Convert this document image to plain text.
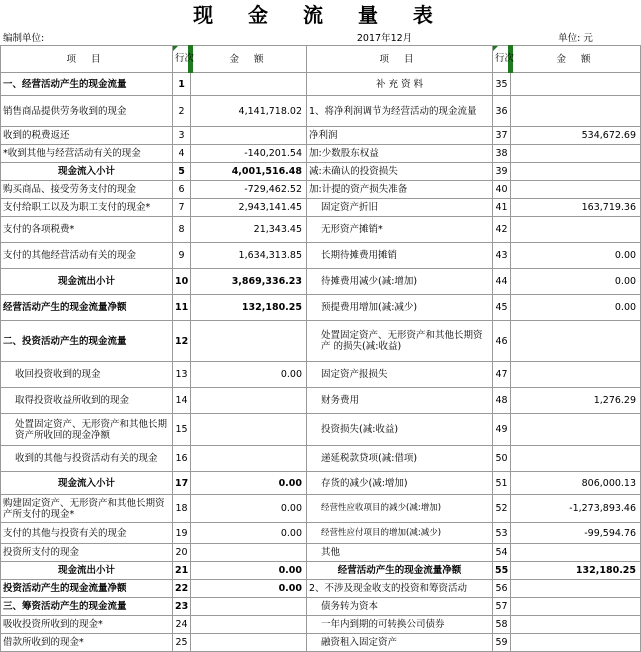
现 金 流 量 表
编制单位:		2017年12月			单位: 元
项 目	行次	金 额	项 目	行次	金 额
一、经营活动产生的现金流量	1		补 充 资 料	35	
销售商品提供劳务收到的现金	2	4,141,718.02	1、将净利润调节为经营活动的现金流量	36	
收到的税费返还	3		净利润	37	534,672.69
*收到其他与经营活动有关的现金	4	-140,201.54	加:少数股东权益	38	
现金流入小计	5	4,001,516.48	减:未确认的投资损失	39	
购买商品、接受劳务支付的现金	6	-729,462.52	加:计提的资产损失准备	40	
支付给职工以及为职工支付的现金*	7	2,943,141.45	固定资产折旧	41	163,719.36
支付的各项税费*	8	21,343.45	无形资产摊销*	42	
支付的其他经营活动有关的现金	9	1,634,313.85	长期待摊费用摊销	43	0.00
现金流出小计	10	3,869,336.23	待摊费用减少(减:增加)	44	0.00
经营活动产生的现金流量净额	11	132,180.25	预提费用增加(减:减少)	45	0.00
二、投资活动产生的现金流量	12		处置固定资产、无形资产和其他长期资产 的损失(减:收益)	46	
收回投资收到的现金	13	0.00	固定资产报损失	47	
取得投资收益所收到的现金	14		财务费用	48	1,276.29
处置固定资产、无形资产和其他长期资产所收回的现金净额	15		投资损失(减:收益)	49	
收到的其他与投资活动有关的现金	16		递延税款贷项(减:借项)	50	
现金流入小计	17	0.00	存货的减少(减:增加)	51	806,000.13
购建固定资产、无形资产和其他长期资产所支付的现金*	18	0.00	经营性应收项目的减少(减:增加)	52	-1,273,893.46
支付的其他与投资有关的现金	19	0.00	经营性应付项目的增加(减:减少)	53	-99,594.76
投资所支付的现金	20		其他	54	
现金流出小计	21	0.00	经营活动产生的现金流量净额	55	132,180.25
投资活动产生的现金流量净额	22	0.00	2、不涉及现金收支的投资和筹资活动	56	
三、筹资活动产生的现金流量	23		债务转为资本	57	
吸收投资所收到的现金*	24		一年内到期的可转换公司债券	58	
借款所收到的现金*	25		融资租入固定资产	59	
